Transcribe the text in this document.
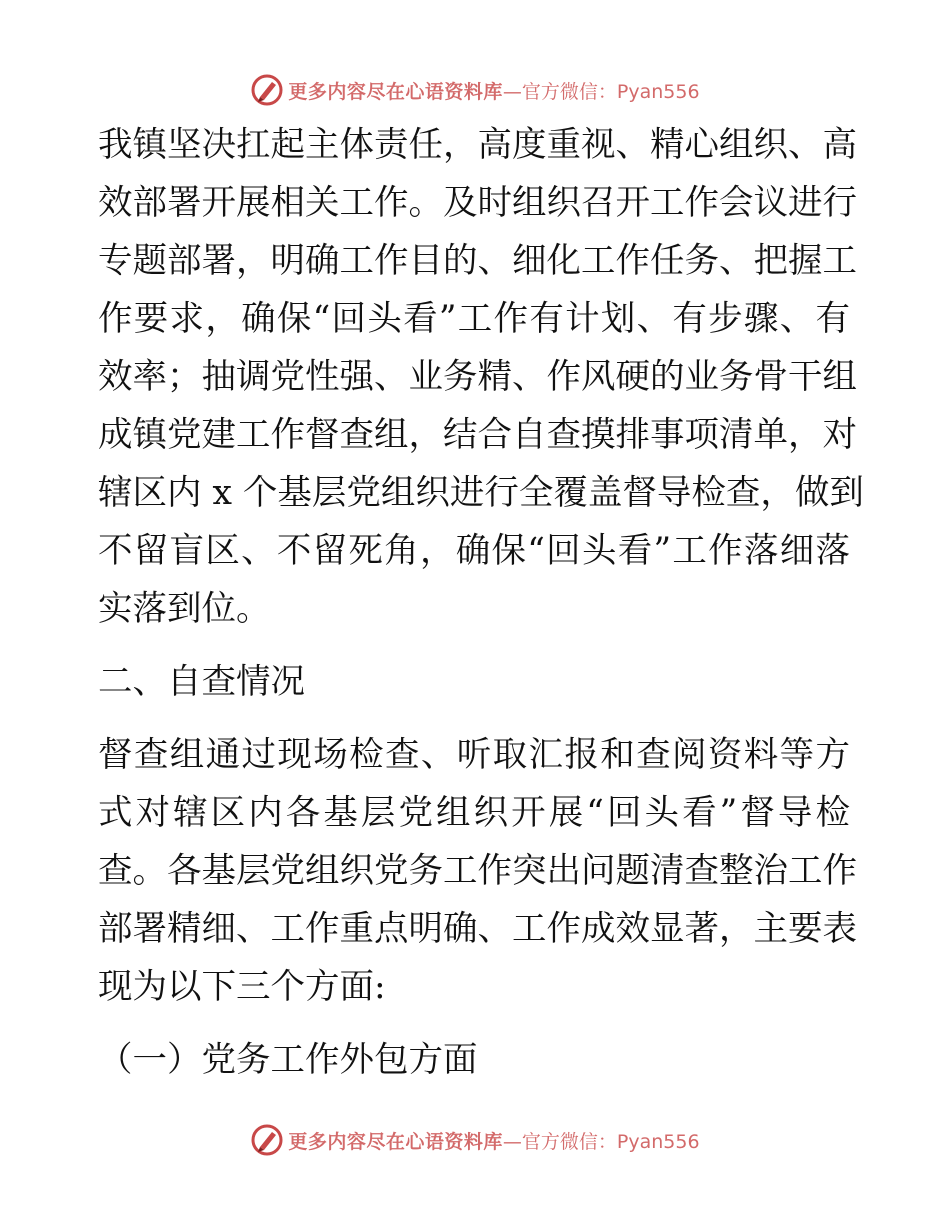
更多内容尽在心语资料库 —官方微信：Pyan556
我镇坚决扛起主体责任，高度重视、精心组织、高
效部署开展相关工作。及时组织召开工作会议进行
专题部署，明确工作目的、细化工作任务、把握工
作要求，确保“回头看”工作有计划、有步骤、有
效率；抽调党性强、业务精、作风硬的业务骨干组
成镇党建工作督查组，结合自查摸排事项清单，对
辖区内 x 个基层党组织进行全覆盖督导检查，做到
不留盲区、不留死角，确保“回头看”工作落细落
实落到位。
二、自查情况
督查组通过现场检查、听取汇报和查阅资料等方
式对辖区内各基层党组织开展“回头看”督导检
查。各基层党组织党务工作突出问题清查整治工作
部署精细、工作重点明确、工作成效显著，主要表
现为以下三个方面:
（一）党务工作外包方面
更多内容尽在心语资料库 —官方微信：Pyan556
